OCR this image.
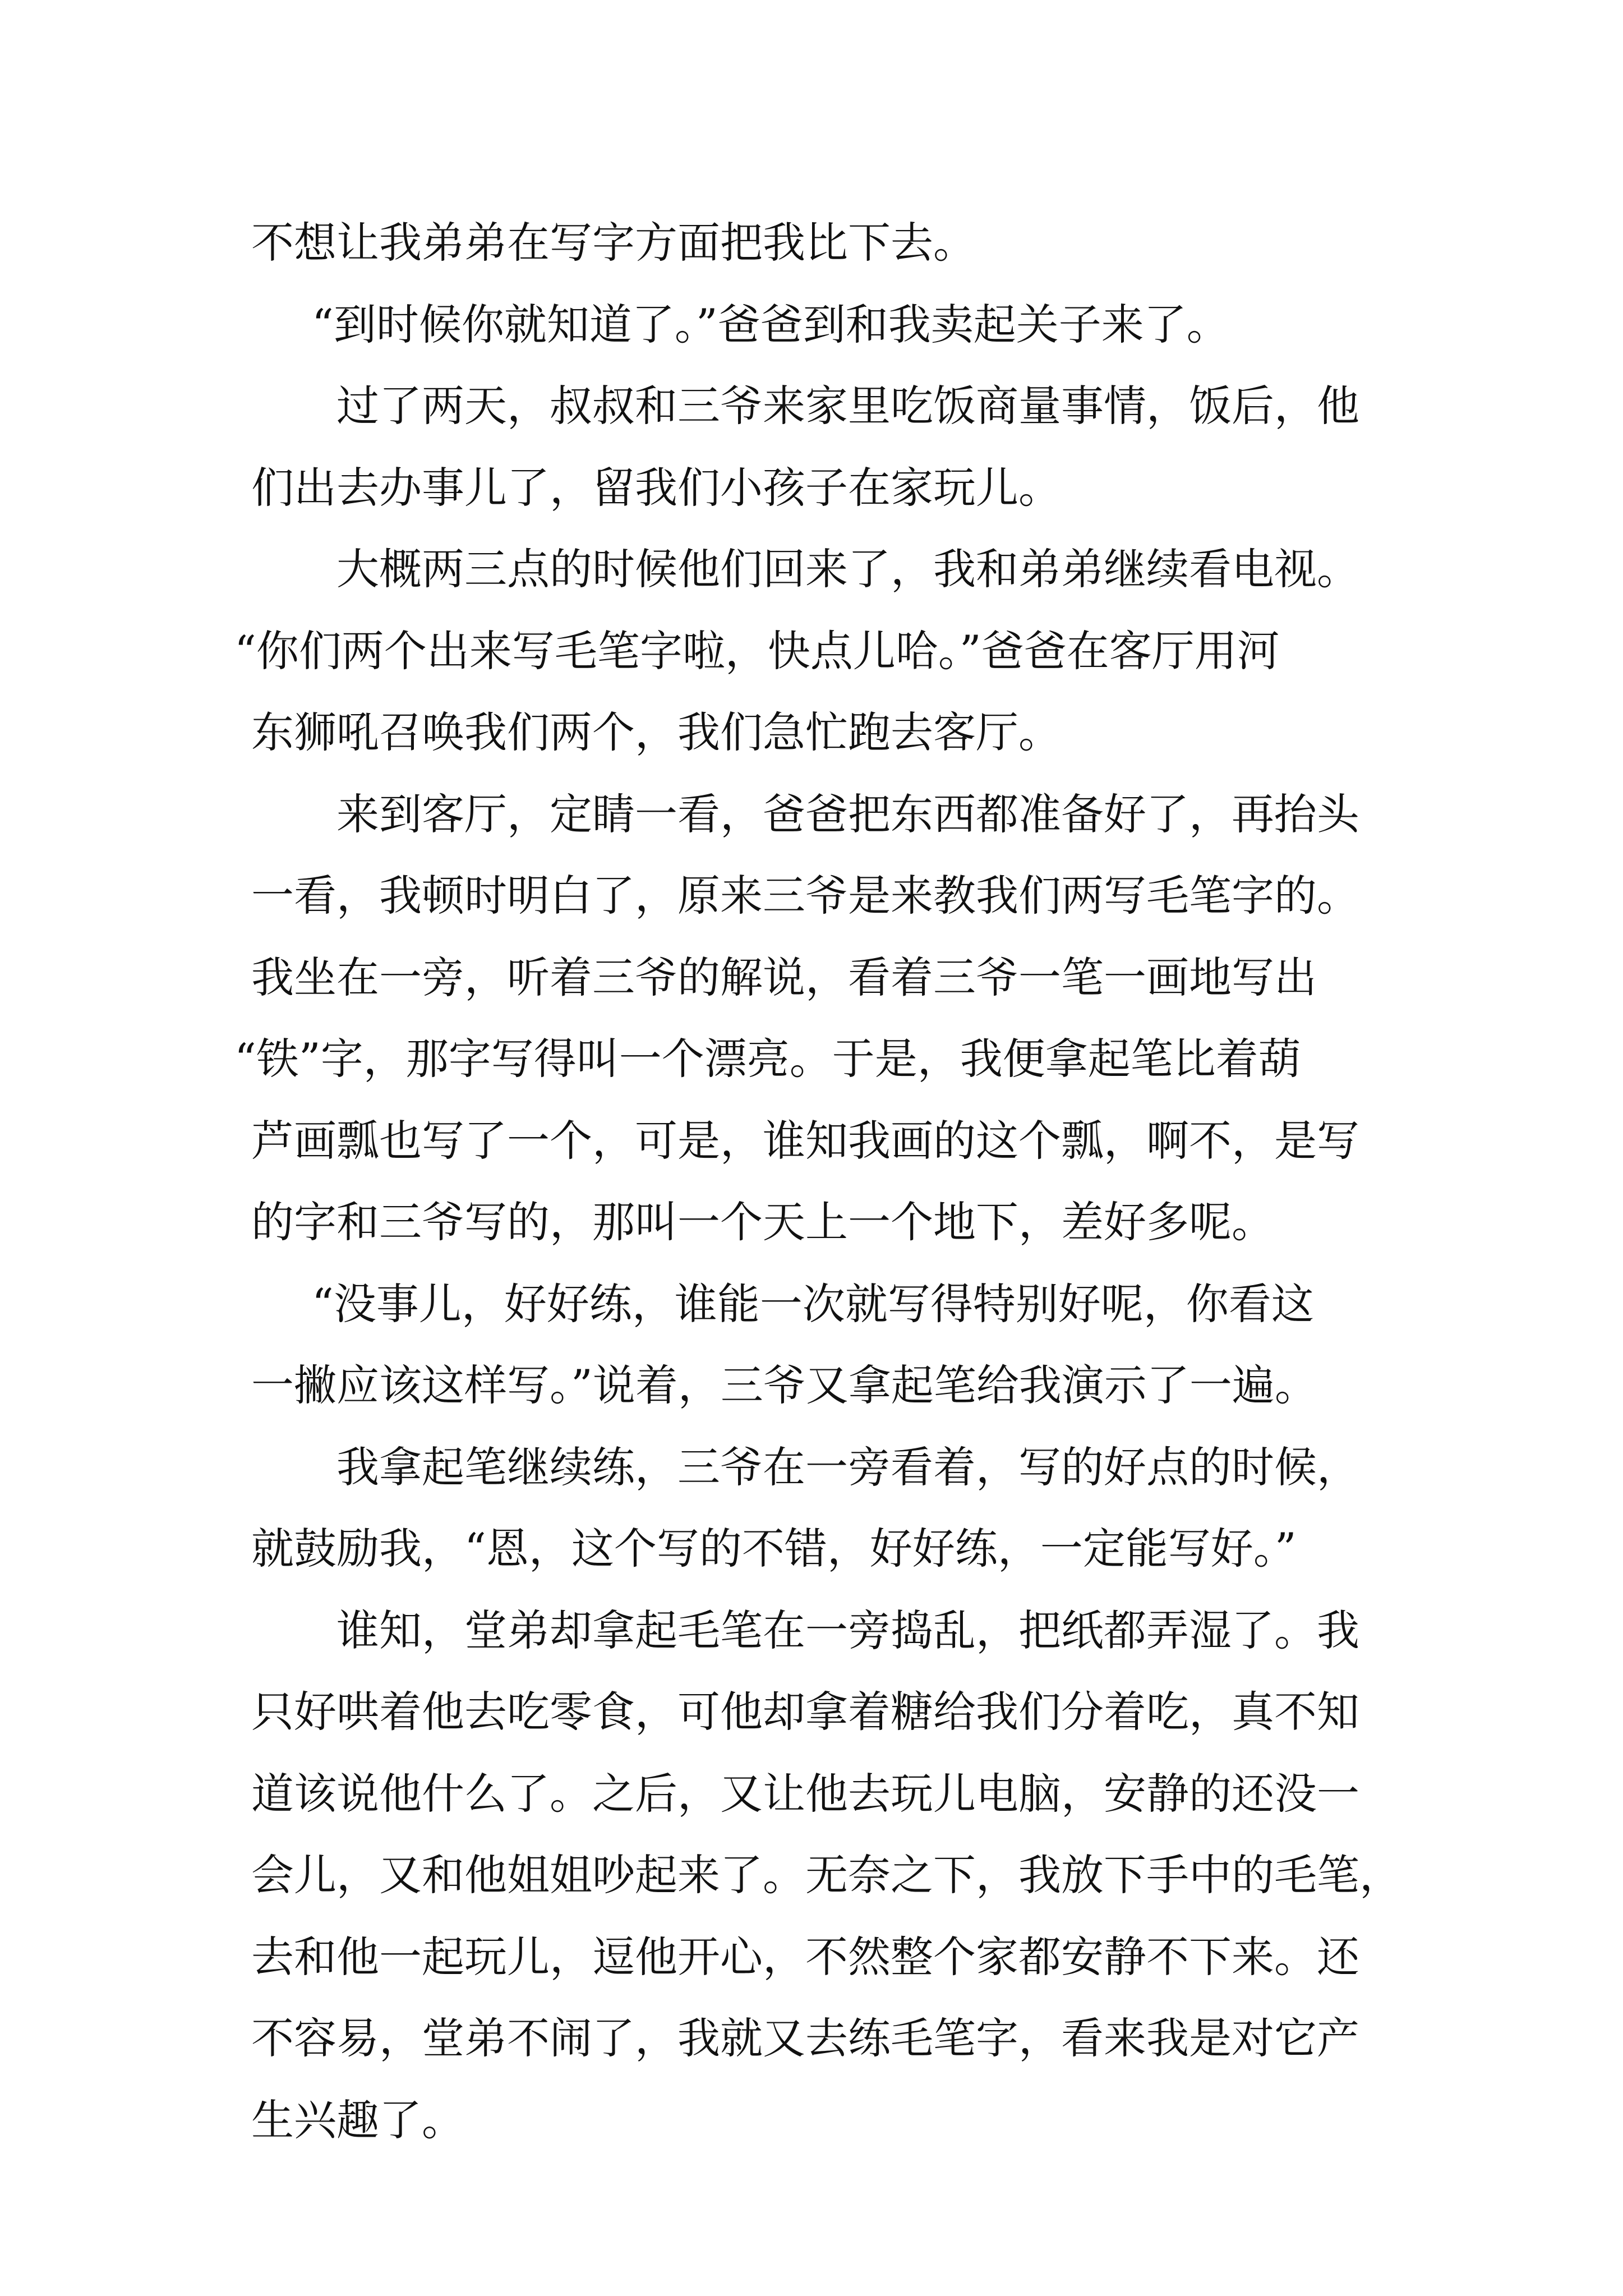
不想让我弟弟在写字方面把我比下去。
“到时候你就知道了。”爸爸到和我卖起关子来了。
过了两天，叔叔和三爷来家里吃饭商量事情，饭后，他
们出去办事儿了，留我们小孩子在家玩儿。
大概两三点的时候他们回来了，我和弟弟继续看电视。
“你们两个出来写毛笔字啦，快点儿哈。”爸爸在客厅用河
东狮吼召唤我们两个，我们急忙跑去客厅。
来到客厅，定睛一看，爸爸把东西都准备好了，再抬头
一看，我顿时明白了，原来三爷是来教我们两写毛笔字的。
我坐在一旁，听着三爷的解说，看着三爷一笔一画地写出
“铁”字，那字写得叫一个漂亮。于是，我便拿起笔比着葫
芦画瓢也写了一个，可是，谁知我画的这个瓢，啊不，是写
的字和三爷写的，那叫一个天上一个地下，差好多呢。
“没事儿，好好练，谁能一次就写得特别好呢，你看这
一撇应该这样写。”说着，三爷又拿起笔给我演示了一遍。
我拿起笔继续练，三爷在一旁看着，写的好点的时候，
就鼓励我，“恩，这个写的不错，好好练，一定能写好。”
谁知，堂弟却拿起毛笔在一旁捣乱，把纸都弄湿了。我
只好哄着他去吃零食，可他却拿着糖给我们分着吃，真不知
道该说他什么了。之后，又让他去玩儿电脑，安静的还没一
会儿，又和他姐姐吵起来了。无奈之下，我放下手中的毛笔，
去和他一起玩儿，逗他开心，不然整个家都安静不下来。还
不容易，堂弟不闹了，我就又去练毛笔字，看来我是对它产
生兴趣了。
